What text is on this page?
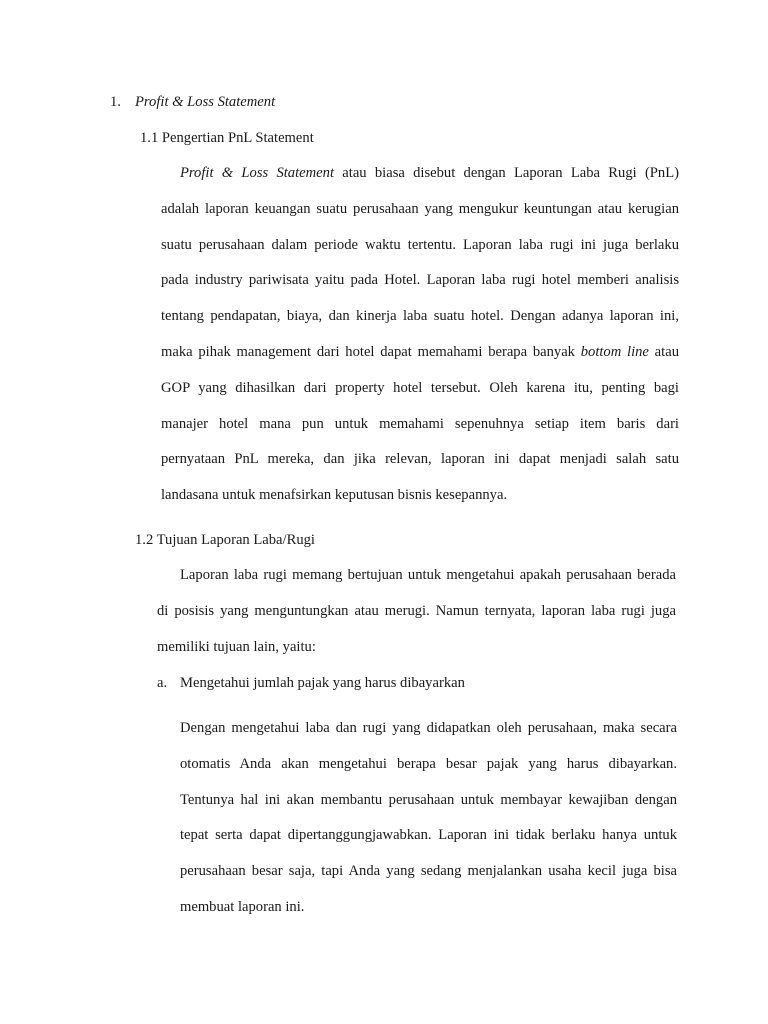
1. Profit & Loss Statement
1.1 Pengertian PnL Statement
Profit & Loss Statement atau biasa disebut dengan Laporan Laba Rugi (PnL)
adalah laporan keuangan suatu perusahaan yang mengukur keuntungan atau kerugian
suatu perusahaan dalam periode waktu tertentu. Laporan laba rugi ini juga berlaku
pada industry pariwisata yaitu pada Hotel. Laporan laba rugi hotel memberi analisis
tentang pendapatan, biaya, dan kinerja laba suatu hotel. Dengan adanya laporan ini,
maka pihak management dari hotel dapat memahami berapa banyak bottom line atau
GOP yang dihasilkan dari property hotel tersebut. Oleh karena itu, penting bagi
manajer hotel mana pun untuk memahami sepenuhnya setiap item baris dari
pernyataan PnL mereka, dan jika relevan, laporan ini dapat menjadi salah satu
landasana untuk menafsirkan keputusan bisnis kesepannya.
1.2 Tujuan Laporan Laba/Rugi
Laporan laba rugi memang bertujuan untuk mengetahui apakah perusahaan berada
di posisis yang menguntungkan atau merugi. Namun ternyata, laporan laba rugi juga
memiliki tujuan lain, yaitu:
a. Mengetahui jumlah pajak yang harus dibayarkan
Dengan mengetahui laba dan rugi yang didapatkan oleh perusahaan, maka secara
otomatis Anda akan mengetahui berapa besar pajak yang harus dibayarkan.
Tentunya hal ini akan membantu perusahaan untuk membayar kewajiban dengan
tepat serta dapat dipertanggungjawabkan. Laporan ini tidak berlaku hanya untuk
perusahaan besar saja, tapi Anda yang sedang menjalankan usaha kecil juga bisa
membuat laporan ini.
